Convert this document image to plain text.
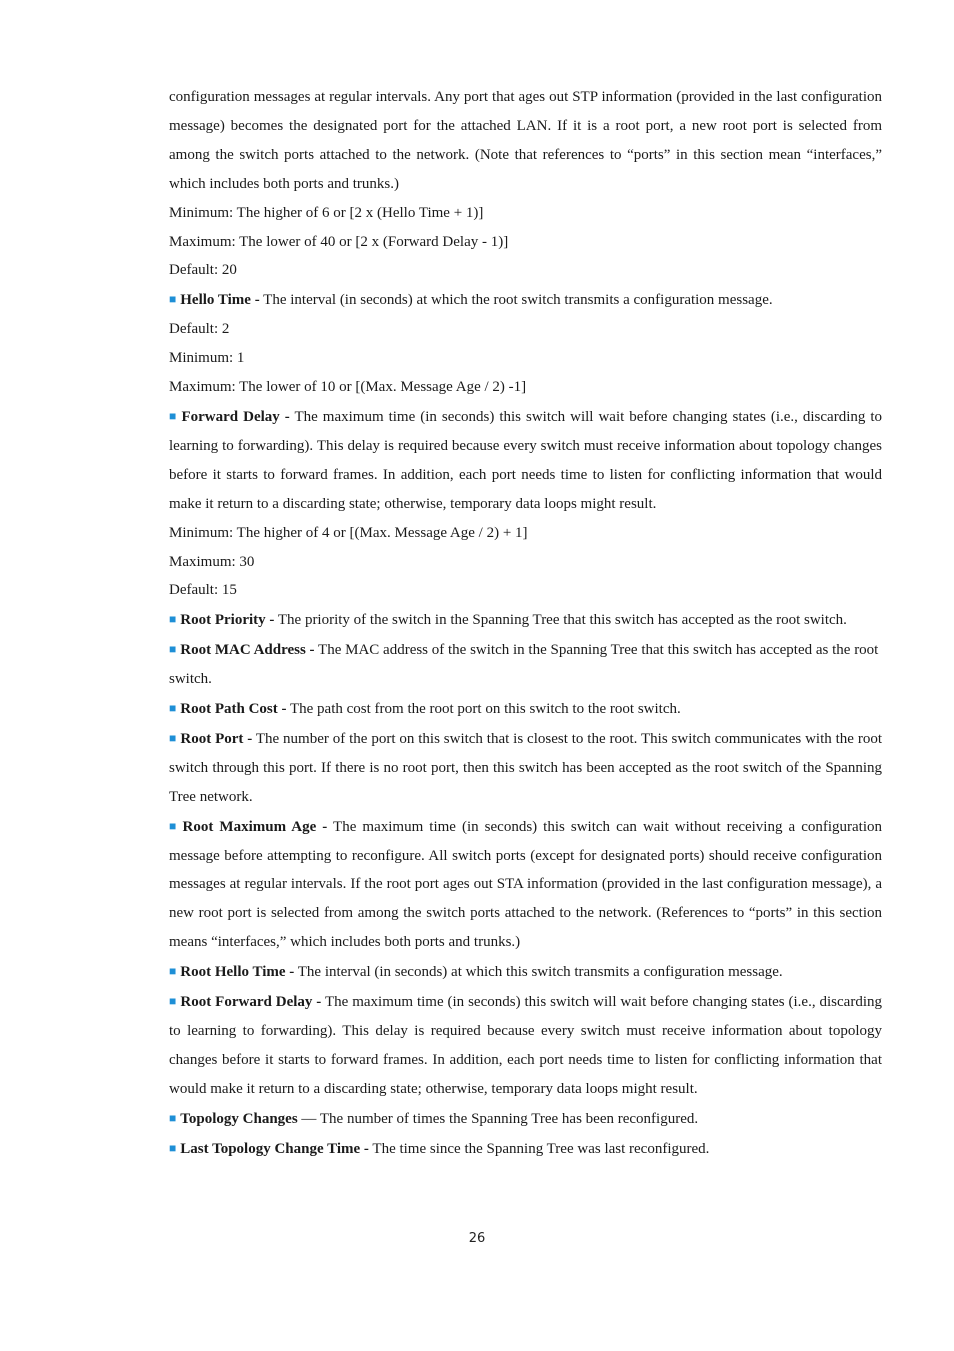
configuration messages at regular intervals. Any port that ages out STP information (provided in the last configuration message) becomes the designated port for the attached LAN. If it is a root port, a new root port is selected from among the switch ports attached to the network. (Note that references to “ports” in this section mean “interfaces,” which includes both ports and trunks.)

Minimum: The higher of 6 or [2 x (Hello Time + 1)]

Maximum: The lower of 40 or [2 x (Forward Delay - 1)]

Default: 20

■ Hello Time - The interval (in seconds) at which the root switch transmits a configuration message.

Default: 2

Minimum: 1

Maximum: The lower of 10 or [(Max. Message Age / 2) -1]

■ Forward Delay - The maximum time (in seconds) this switch will wait before changing states (i.e., discarding to learning to forwarding). This delay is required because every switch must receive information about topology changes before it starts to forward frames. In addition, each port needs time to listen for conflicting information that would make it return to a discarding state; otherwise, temporary data loops might result.

Minimum: The higher of 4 or [(Max. Message Age / 2) + 1]

Maximum: 30

Default: 15

■ Root Priority - The priority of the switch in the Spanning Tree that this switch has accepted as the root switch.

■ Root MAC Address - The MAC address of the switch in the Spanning Tree that this switch has accepted as the root switch.

■ Root Path Cost - The path cost from the root port on this switch to the root switch.

■ Root Port - The number of the port on this switch that is closest to the root. This switch communicates with the root switch through this port. If there is no root port, then this switch has been accepted as the root switch of the Spanning Tree network.

■ Root Maximum Age - The maximum time (in seconds) this switch can wait without receiving a configuration message before attempting to reconfigure. All switch ports (except for designated ports) should receive configuration messages at regular intervals. If the root port ages out STA information (provided in the last configuration message), a new root port is selected from among the switch ports attached to the network. (References to “ports” in this section means “interfaces,” which includes both ports and trunks.)

■ Root Hello Time - The interval (in seconds) at which this switch transmits a configuration message.

■ Root Forward Delay - The maximum time (in seconds) this switch will wait before changing states (i.e., discarding to learning to forwarding). This delay is required because every switch must receive information about topology changes before it starts to forward frames. In addition, each port needs time to listen for conflicting information that would make it return to a discarding state; otherwise, temporary data loops might result.

■ Topology Changes — The number of times the Spanning Tree has been reconfigured.

■ Last Topology Change Time - The time since the Spanning Tree was last reconfigured.

26
